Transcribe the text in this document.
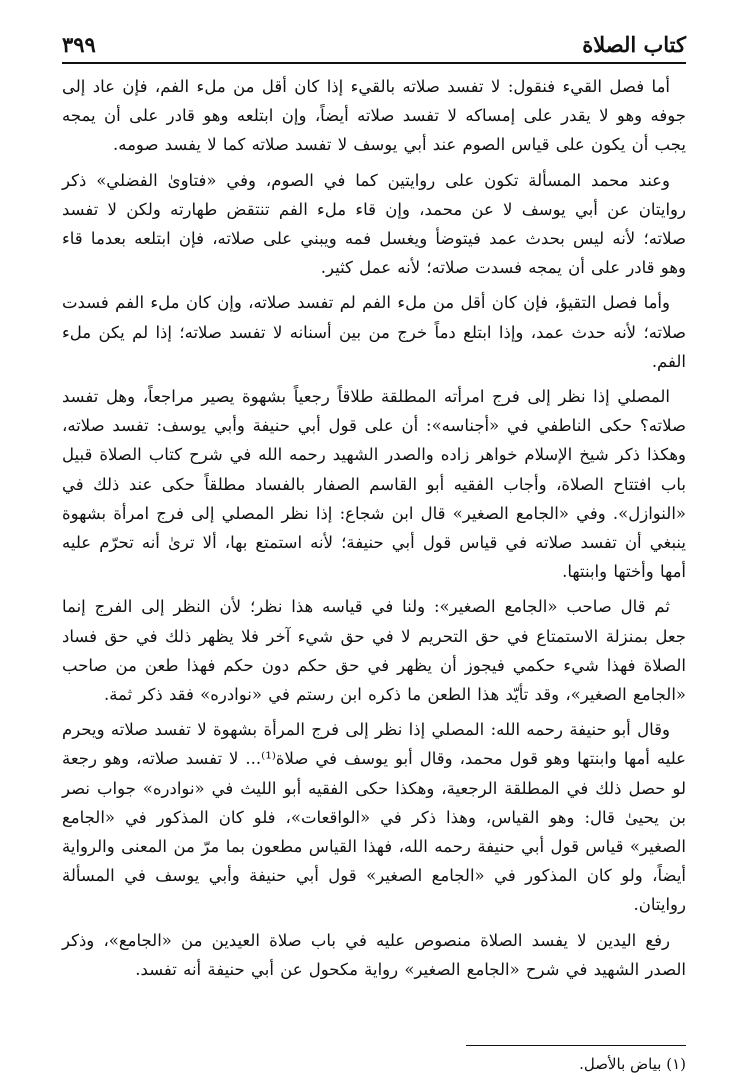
كتاب الصلاة
٣٩٩

أما فصل القيء فنقول: لا تفسد صلاته بالقيء إذا كان أقل من ملء الفم، فإن عاد إلى جوفه وهو لا يقدر على إمساكه لا تفسد صلاته أيضاً، وإن ابتلعه وهو قادر على أن يمجه يجب أن يكون على قياس الصوم عند أبي يوسف لا تفسد صلاته كما لا يفسد صومه.

وعند محمد المسألة تكون على روايتين كما في الصوم، وفي «فتاوىٰ الفضلي» ذكر روايتان عن أبي يوسف لا عن محمد، وإن قاء ملء الفم تنتقض طهارته ولكن لا تفسد صلاته؛ لأنه ليس بحدث عمد فيتوضأ ويغسل فمه ويبني على صلاته، فإن ابتلعه بعدما قاء وهو قادر على أن يمجه فسدت صلاته؛ لأنه عمل كثير.

وأما فصل التقيؤ، فإن كان أقل من ملء الفم لم تفسد صلاته، وإن كان ملء الفم فسدت صلاته؛ لأنه حدث عمد، وإذا ابتلع دماً خرج من بين أسنانه لا تفسد صلاته؛ إذا لم يكن ملء الفم.

المصلي إذا نظر إلى فرج امرأته المطلقة طلاقاً رجعياً بشهوة يصير مراجعاً، وهل تفسد صلاته؟ حكى الناطفي في «أجناسه»: أن على قول أبي حنيفة وأبي يوسف: تفسد صلاته، وهكذا ذكر شيخ الإسلام خواهر زاده والصدر الشهيد رحمه الله في شرح كتاب الصلاة قبيل باب افتتاح الصلاة، وأجاب الفقيه أبو القاسم الصفار بالفساد مطلقاً حكى عند ذلك في «النوازل». وفي «الجامع الصغير» قال ابن شجاع: إذا نظر المصلي إلى فرج امرأة بشهوة ينبغي أن تفسد صلاته في قياس قول أبي حنيفة؛ لأنه استمتع بها، ألا ترىٰ أنه تحرّم عليه أمها وأختها وابنتها.

ثم قال صاحب «الجامع الصغير»: ولنا في قياسه هذا نظر؛ لأن النظر إلى الفرج إنما جعل بمنزلة الاستمتاع في حق التحريم لا في حق شيء آخر فلا يظهر ذلك في حق فساد الصلاة فهذا شيء حكمي فيجوز أن يظهر في حق حكم دون حكم فهذا طعن من صاحب «الجامع الصغير»، وقد تأيّد هذا الطعن ما ذكره ابن رستم في «نوادره» فقد ذكر ثمة.

وقال أبو حنيفة رحمه الله: المصلي إذا نظر إلى فرج المرأة بشهوة لا تفسد صلاته ويحرم عليه أمها وابنتها وهو قول محمد، وقال أبو يوسف في صلاة⁽¹⁾... لا تفسد صلاته، وهو رجعة لو حصل ذلك في المطلقة الرجعية، وهكذا حكى الفقيه أبو الليث في «نوادره» جواب نصر بن يحيىٰ قال: وهو القياس، وهذا ذكر في «الواقعات»، فلو كان المذكور في «الجامع الصغير» قياس قول أبي حنيفة رحمه الله، فهذا القياس مطعون بما مرّ من المعنى والرواية أيضاً، ولو كان المذكور في «الجامع الصغير» قول أبي حنيفة وأبي يوسف في المسألة روايتان.

رفع اليدين لا يفسد الصلاة منصوص عليه في باب صلاة العيدين من «الجامع»، وذكر الصدر الشهيد في شرح «الجامع الصغير» رواية مكحول عن أبي حنيفة أنه تفسد.

(١) بياض بالأصل.
